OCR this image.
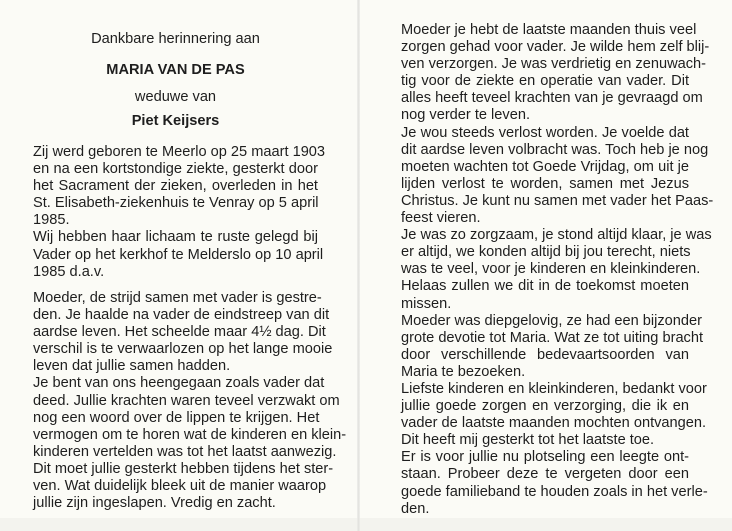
Dankbare herinnering aan
MARIA VAN DE PAS
weduwe van
Piet Keijsers
Zij werd geboren te Meerlo op 25 maart 1903
en na een kortstondige ziekte, gesterkt door
het Sacrament der zieken, overleden in het
St. Elisabeth-ziekenhuis te Venray op 5 april
1985.
Wij hebben haar lichaam te ruste gelegd bij
Vader op het kerkhof te Melderslo op 10 april
1985 d.a.v.
Moeder, de strijd samen met vader is gestre-
den. Je haalde na vader de eindstreep van dit
aardse leven. Het scheelde maar 4½ dag. Dit
verschil is te verwaarlozen op het lange mooie
leven dat jullie samen hadden.
Je bent van ons heengegaan zoals vader dat
deed. Jullie krachten waren teveel verzwakt om
nog een woord over de lippen te krijgen. Het
vermogen om te horen wat de kinderen en klein-
kinderen vertelden was tot het laatst aanwezig.
Dit moet jullie gesterkt hebben tijdens het ster-
ven. Wat duidelijk bleek uit de manier waarop
jullie zijn ingeslapen. Vredig en zacht.
Moeder je hebt de laatste maanden thuis veel
zorgen gehad voor vader. Je wilde hem zelf blij-
ven verzorgen. Je was verdrietig en zenuwach-
tig voor de ziekte en operatie van vader. Dit
alles heeft teveel krachten van je gevraagd om
nog verder te leven.
Je wou steeds verlost worden. Je voelde dat
dit aardse leven volbracht was. Toch heb je nog
moeten wachten tot Goede Vrijdag, om uit je
lijden verlost te worden, samen met Jezus
Christus. Je kunt nu samen met vader het Paas-
feest vieren.
Je was zo zorgzaam, je stond altijd klaar, je was
er altijd, we konden altijd bij jou terecht, niets
was te veel, voor je kinderen en kleinkinderen.
Helaas zullen we dit in de toekomst moeten
missen.
Moeder was diepgelovig, ze had een bijzonder
grote devotie tot Maria. Wat ze tot uiting bracht
door verschillende bedevaartsoorden van
Maria te bezoeken.
Liefste kinderen en kleinkinderen, bedankt voor
jullie goede zorgen en verzorging, die ik en
vader de laatste maanden mochten ontvangen.
Dit heeft mij gesterkt tot het laatste toe.
Er is voor jullie nu plotseling een leegte ont-
staan. Probeer deze te vergeten door een
goede familieband te houden zoals in het verle-
den.
